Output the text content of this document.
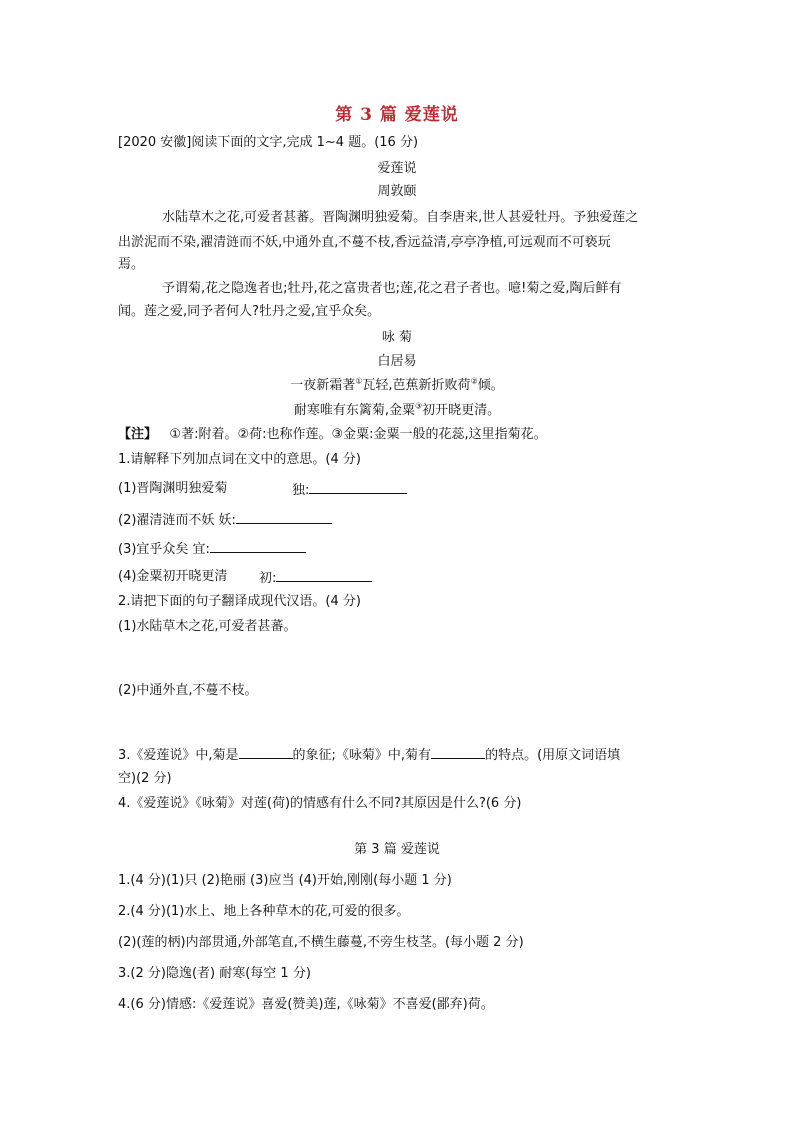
第 3 篇 爱莲说
[2020 安徽]阅读下面的文字,完成 1~4 题。(16 分)
爱莲说
周敦颐
水陆草木之花,可爱者甚蕃。晋陶渊明独爱菊。自李唐来,世人甚爱牡丹。予独爱莲之
出淤泥而不染,濯清涟而不妖,中通外直,不蔓不枝,香远益清,亭亭净植,可远观而不可亵玩
焉。
予谓菊,花之隐逸者也;牡丹,花之富贵者也;莲,花之君子者也。噫!菊之爱,陶后鲜有
闻。莲之爱,同予者何人?牡丹之爱,宜乎众矣。
咏 菊
白居易
一夜新霜著①瓦轻,芭蕉新折败荷②倾。
耐寒唯有东篱菊,金粟③初开晓更清。
【注】 ①著:附着。②荷:也称作莲。③金粟:金粟一般的花蕊,这里指菊花。
1.请解释下列加点词在文中的意思。(4 分)
(1)晋陶渊明独爱菊	独:
(2)濯清涟而不妖 妖:
(3)宜乎众矣 宜:
(4)金粟初开晓更清 初:
2.请把下面的句子翻译成现代汉语。(4 分)
(1)水陆草木之花,可爱者甚蕃。
(2)中通外直,不蔓不枝。
3.《爱莲说》中,菊是	的象征;《咏菊》中,菊有	的特点。(用原文词语填
空)(2 分)
4.《爱莲说》《咏菊》对莲(荷)的情感有什么不同?其原因是什么?(6 分)
第 3 篇 爱莲说
1.(4 分)(1)只 (2)艳丽 (3)应当 (4)开始,刚刚(每小题 1 分)
2.(4 分)(1)水上、地上各种草木的花,可爱的很多。
(2)(莲的柄)内部贯通,外部笔直,不横生藤蔓,不旁生枝茎。(每小题 2 分)
3.(2 分)隐逸(者) 耐寒(每空 1 分)
4.(6 分)情感:《爱莲说》喜爱(赞美)莲,《咏菊》不喜爱(鄙弃)荷。
